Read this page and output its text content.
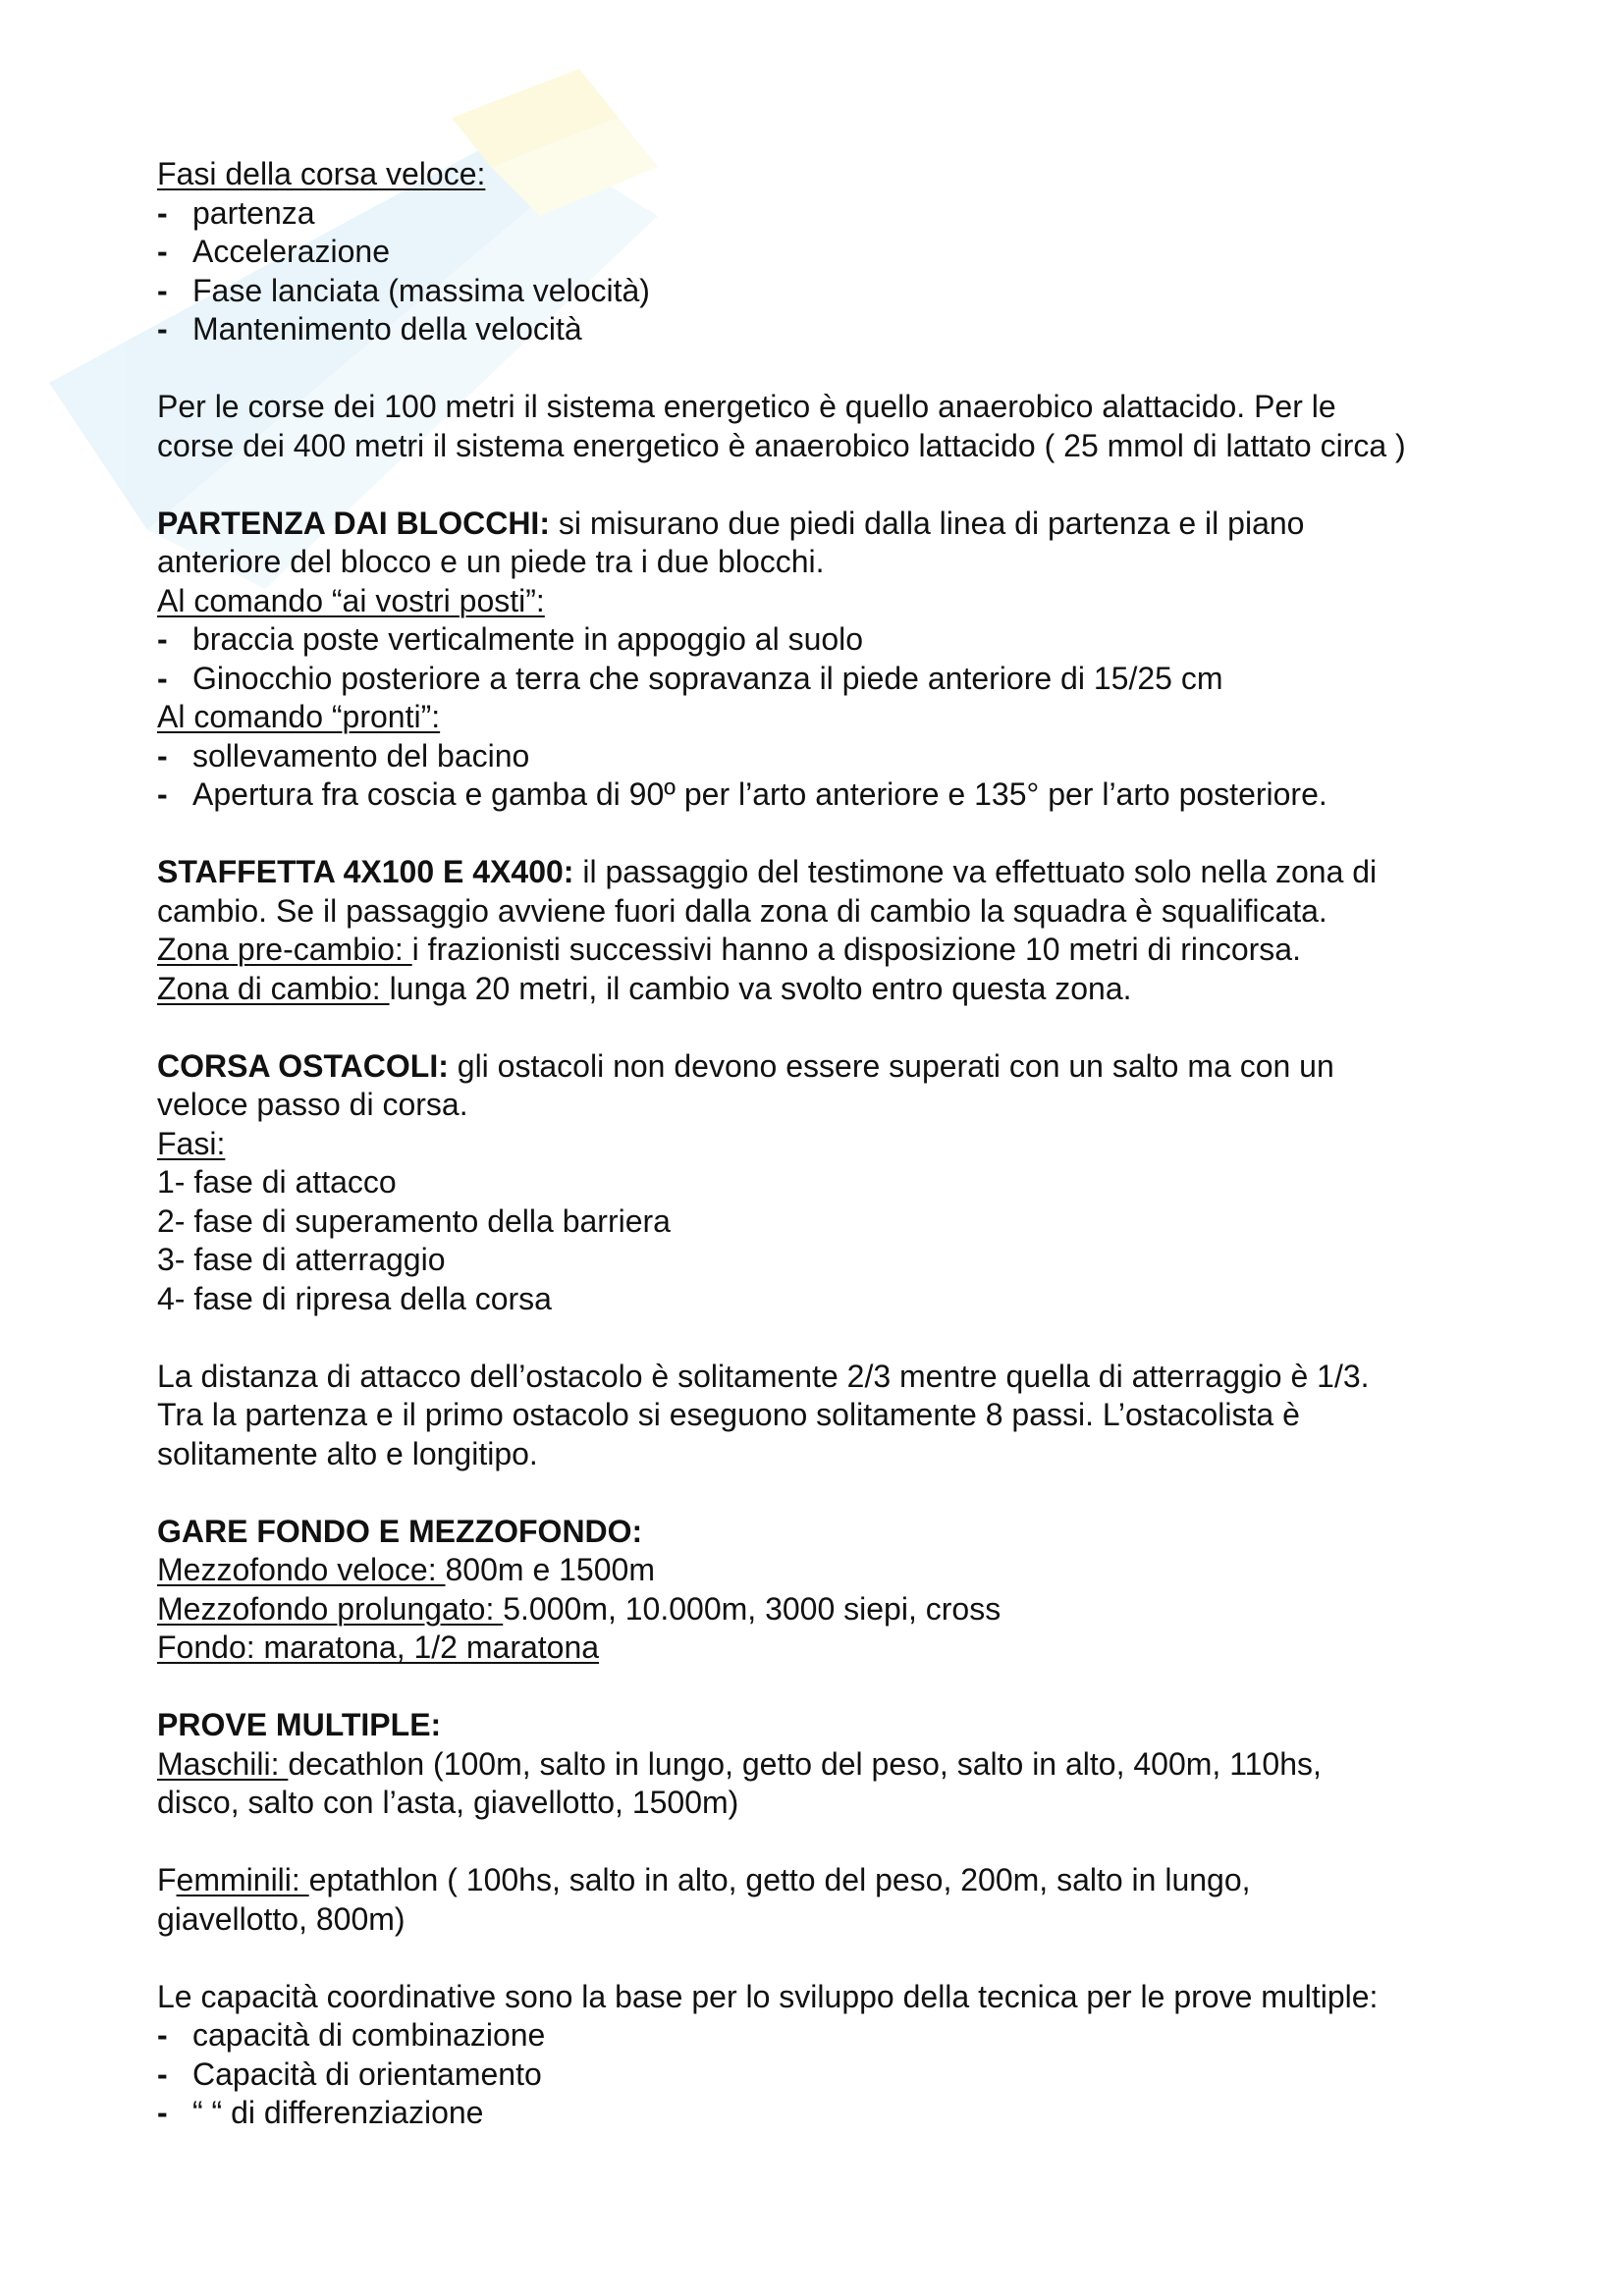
Fasi della corsa veloce:
- partenza
- Accelerazione
- Fase lanciata (massima velocità)
- Mantenimento della velocità
Per le corse dei 100 metri il sistema energetico è quello anaerobico alattacido. Per le
corse dei 400 metri il sistema energetico è anaerobico lattacido ( 25 mmol di lattato circa )
PARTENZA DAI BLOCCHI: si misurano due piedi dalla linea di partenza e il piano
anteriore del blocco e un piede tra i due blocchi.
Al comando “ai vostri posti”:
- braccia poste verticalmente in appoggio al suolo
- Ginocchio posteriore a terra che sopravanza il piede anteriore di 15/25 cm
Al comando “pronti”:
- sollevamento del bacino
- Apertura fra coscia e gamba di 90º per l’arto anteriore e 135° per l’arto posteriore.
STAFFETTA 4X100 E 4X400: il passaggio del testimone va effettuato solo nella zona di
cambio. Se il passaggio avviene fuori dalla zona di cambio la squadra è squalificata.
Zona pre-cambio: i frazionisti successivi hanno a disposizione 10 metri di rincorsa.
Zona di cambio: lunga 20 metri, il cambio va svolto entro questa zona.
CORSA OSTACOLI: gli ostacoli non devono essere superati con un salto ma con un
veloce passo di corsa.
Fasi:
1- fase di attacco
2- fase di superamento della barriera
3- fase di atterraggio
4- fase di ripresa della corsa
La distanza di attacco dell’ostacolo è solitamente 2/3 mentre quella di atterraggio è 1/3.
Tra la partenza e il primo ostacolo si eseguono solitamente 8 passi. L’ostacolista è
solitamente alto e longitipo.
GARE FONDO E MEZZOFONDO:
Mezzofondo veloce: 800m e 1500m
Mezzofondo prolungato: 5.000m, 10.000m, 3000 siepi, cross
Fondo: maratona, 1/2 maratona
PROVE MULTIPLE:
Maschili: decathlon (100m, salto in lungo, getto del peso, salto in alto, 400m, 110hs,
disco, salto con l’asta, giavellotto, 1500m)
Femminili: eptathlon ( 100hs, salto in alto, getto del peso, 200m, salto in lungo,
giavellotto, 800m)
Le capacità coordinative sono la base per lo sviluppo della tecnica per le prove multiple:
- capacità di combinazione
- Capacità di orientamento
- “ “ di differenziazione
